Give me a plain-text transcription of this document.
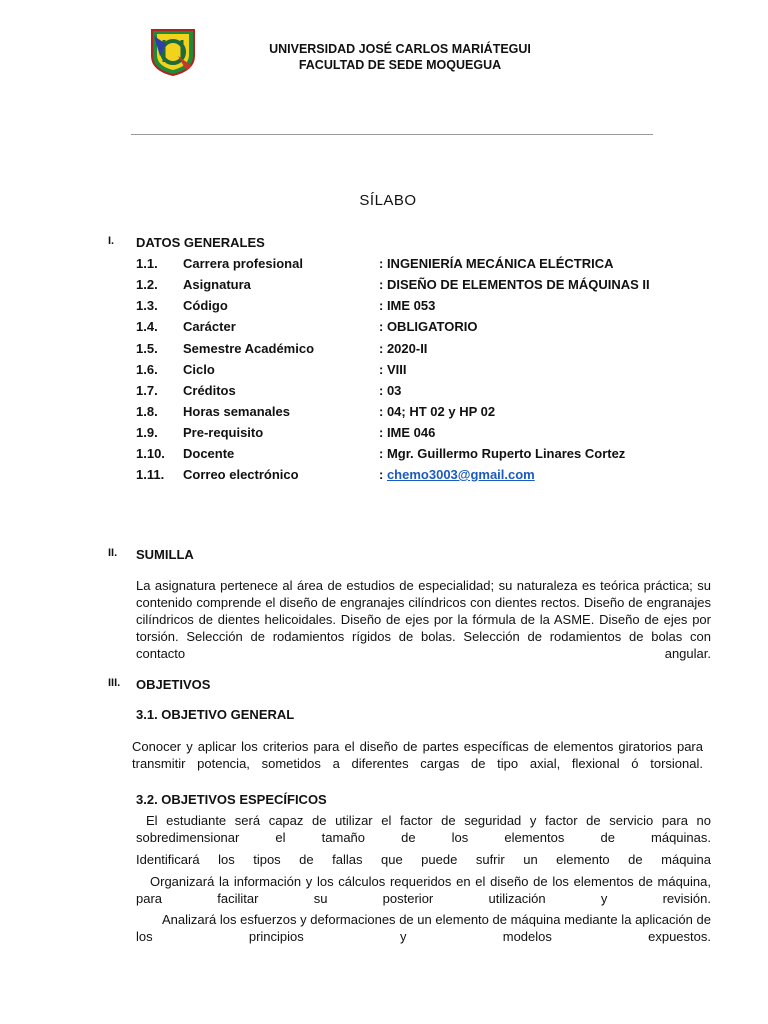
UNIVERSIDAD JOSÉ CARLOS MARIÁTEGUI
FACULTAD DE SEDE MOQUEGUA
SÍLABO
I. DATOS GENERALES
1.1. Carrera profesional	: INGENIERÍA MECÁNICA ELÉCTRICA
1.2. Asignatura	: DISEÑO DE ELEMENTOS DE MÁQUINAS II
1.3. Código	: IME 053
1.4. Carácter	: OBLIGATORIO
1.5. Semestre Académico	: 2020-II
1.6. Ciclo	: VIII
1.7. Créditos	: 03
1.8. Horas semanales	: 04; HT 02 y HP 02
1.9. Pre-requisito	: IME 046
1.10. Docente	: Mgr. Guillermo Ruperto Linares Cortez
1.11. Correo electrónico	: chemo3003@gmail.com
II. SUMILLA
La asignatura pertenece al área de estudios de especialidad; su naturaleza es teórica práctica; su contenido comprende el diseño de engranajes cilíndricos con dientes rectos. Diseño de engranajes cilíndricos de dientes helicoidales. Diseño de ejes por la fórmula de la ASME. Diseño de ejes por torsión. Selección de rodamientos rígidos de bolas. Selección de rodamientos de bolas con contacto angular.
III. OBJETIVOS
3.1. OBJETIVO GENERAL
Conocer y aplicar los criterios para el diseño de partes específicas de elementos giratorios para transmitir potencia, sometidos a diferentes cargas de tipo axial, flexional ó torsional.
3.2. OBJETIVOS ESPECÍFICOS
El estudiante será capaz de utilizar el factor de seguridad y factor de servicio para no sobredimensionar el tamaño de los elementos de máquinas.
Identificará los tipos de fallas que puede sufrir un elemento de máquina
Organizará la información y los cálculos requeridos en el diseño de los elementos de máquina, para facilitar su posterior utilización y revisión.
Analizará los esfuerzos y deformaciones de un elemento de máquina mediante la aplicación de los principios y modelos expuestos.
